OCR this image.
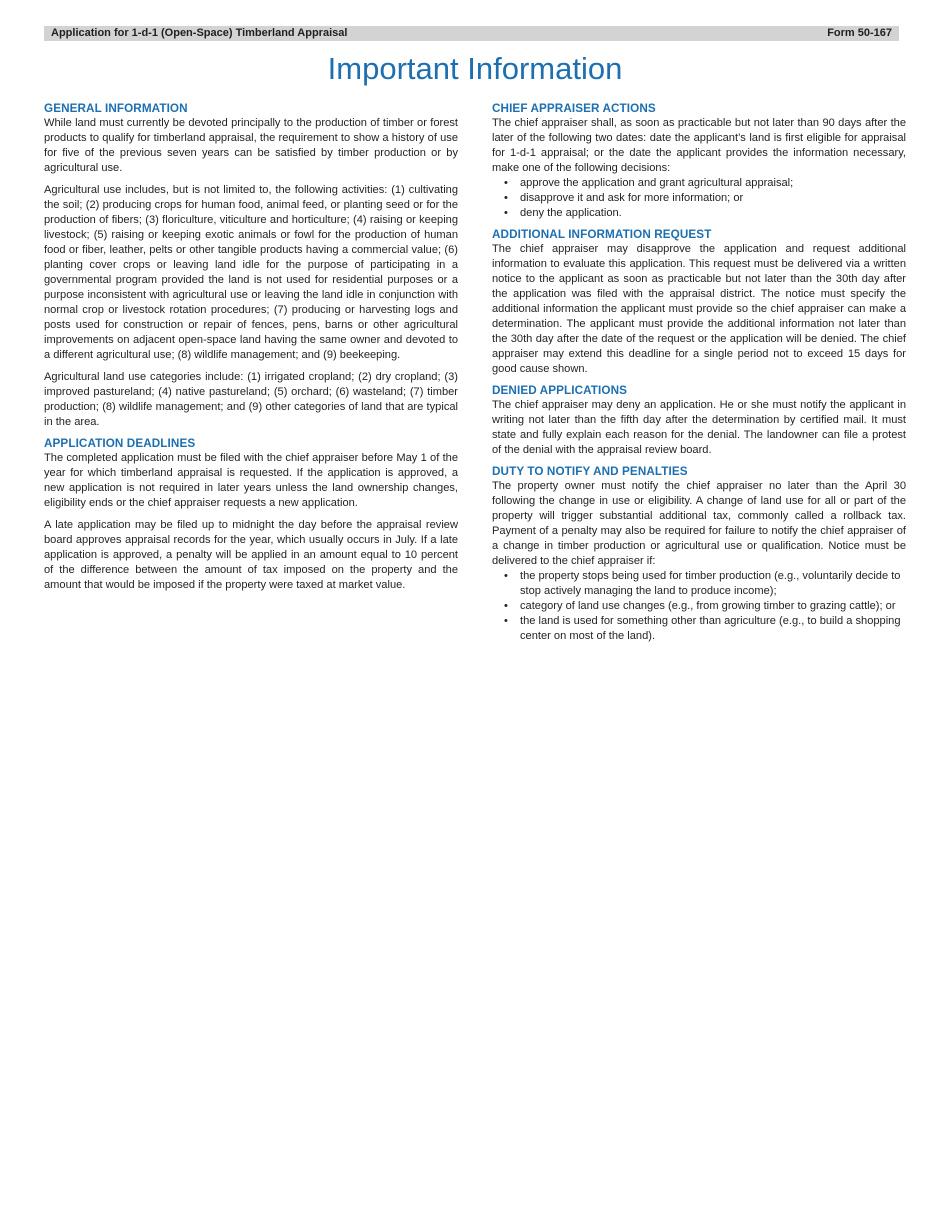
Application for 1-d-1 (Open-Space) Timberland Appraisal	Form 50-167
Important Information
GENERAL INFORMATION

While land must currently be devoted principally to the production of timber or forest products to qualify for timberland appraisal, the requirement to show a history of use for five of the previous seven years can be satisfied by timber production or by agricultural use.

Agricultural use includes, but is not limited to, the following activities: (1) cultivating the soil; (2) producing crops for human food, animal feed, or planting seed or for the production of fibers; (3) floriculture, viticulture and horticulture; (4) raising or keeping livestock; (5) raising or keeping exotic animals or fowl for the production of human food or fiber, leather, pelts or other tangible products having a commercial value; (6) planting cover crops or leaving land idle for the purpose of participating in a governmental program provided the land is not used for residential purposes or a purpose inconsistent with agricultural use or leaving the land idle in conjunction with normal crop or livestock rotation procedures; (7) producing or harvesting logs and posts used for construction or repair of fences, pens, barns or other agricultural improvements on adjacent open-space land having the same owner and devoted to a different agricultural use; (8) wildlife management; and (9) beekeeping.

Agricultural land use categories include: (1) irrigated cropland; (2) dry cropland; (3) improved pastureland; (4) native pastureland; (5) orchard; (6) wasteland; (7) timber production; (8) wildlife management; and (9) other categories of land that are typical in the area.

APPLICATION DEADLINES

The completed application must be filed with the chief appraiser before May 1 of the year for which timberland appraisal is requested. If the application is approved, a new application is not required in later years unless the land ownership changes, eligibility ends or the chief appraiser requests a new application.

A late application may be filed up to midnight the day before the appraisal review board approves appraisal records for the year, which usually occurs in July. If a late application is approved, a penalty will be applied in an amount equal to 10 percent of the difference between the amount of tax imposed on the property and the amount that would be imposed if the property were taxed at market value.

CHIEF APPRAISER ACTIONS

The chief appraiser shall, as soon as practicable but not later than 90 days after the later of the following two dates: date the applicant’s land is first eligible for appraisal for 1-d-1 appraisal; or the date the applicant provides the information necessary, make one of the following decisions:

• approve the application and grant agricultural appraisal;
• disapprove it and ask for more information; or
• deny the application.
ADDITIONAL INFORMATION REQUEST

The chief appraiser may disapprove the application and request additional information to evaluate this application. This request must be delivered via a written notice to the applicant as soon as practicable but not later than the 30th day after the application was filed with the appraisal district. The notice must specify the additional information the applicant must provide so the chief appraiser can make a determination. The applicant must provide the additional information not later than the 30th day after the date of the request or the application will be denied. The chief appraiser may extend this deadline for a single period not to exceed 15 days for good cause shown.

DENIED APPLICATIONS

The chief appraiser may deny an application. He or she must notify the applicant in writing not later than the fifth day after the determination by certified mail. It must state and fully explain each reason for the denial. The landowner can file a protest of the denial with the appraisal review board.

DUTY TO NOTIFY AND PENALTIES

The property owner must notify the chief appraiser no later than the April 30 following the change in use or eligibility. A change of land use for all or part of the property will trigger substantial additional tax, commonly called a rollback tax. Payment of a penalty may also be required for failure to notify the chief appraiser of a change in timber production or agricultural use or qualification. Notice must be delivered to the chief appraiser if:

• the property stops being used for timber production (e.g., voluntarily decide to stop actively managing the land to produce income);
• category of land use changes (e.g., from growing timber to grazing cattle); or
• the land is used for something other than agriculture (e.g., to build a shopping center on most of the land).
